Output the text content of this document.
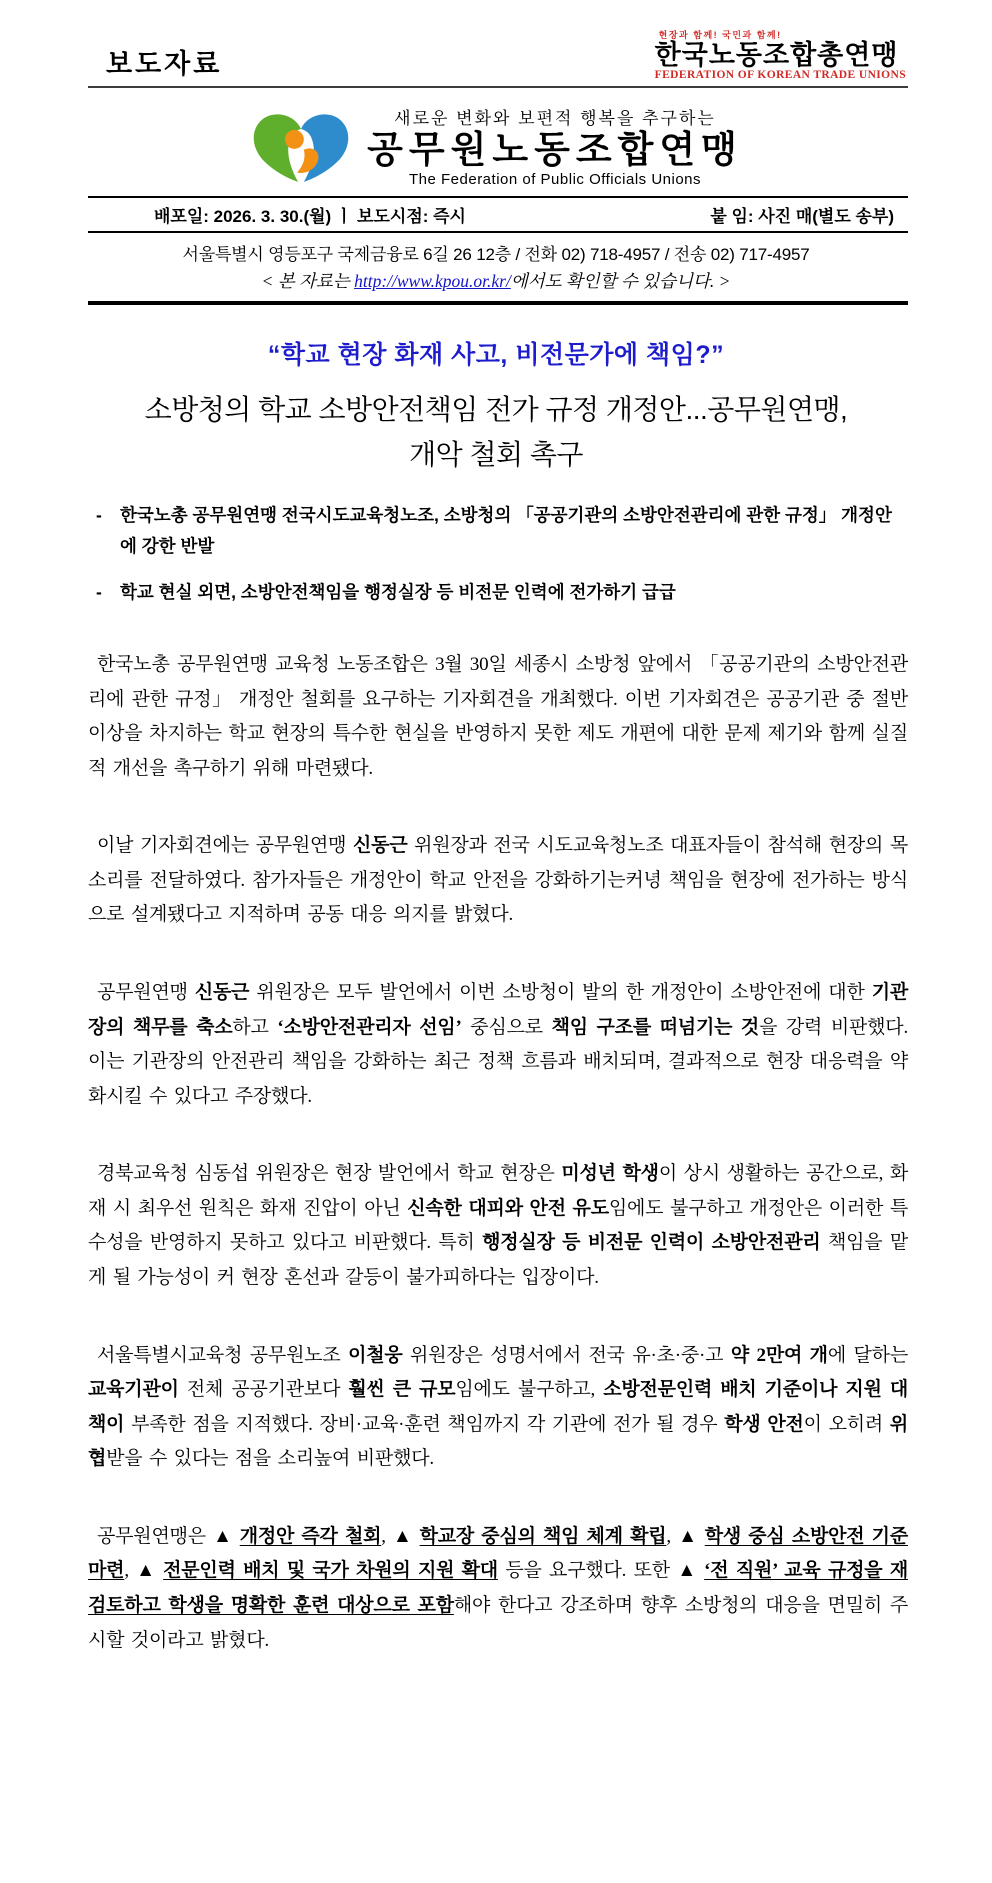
보도자료
현장과 함께! 국민과 함께!
한국노동조합총연맹
FEDERATION OF KOREAN TRADE UNIONS
새로운 변화와 보편적 행복을 추구하는
공무원노동조합연맹
The Federation of Public Officials Unions
배포일: 2026. 3. 30.(월) ㅣ 보도시점: 즉시	붙 임: 사진 매(별도 송부)
서울특별시 영등포구 국제금융로 6길 26 12층 / 전화 02) 718-4957 / 전송 02) 717-4957
< 본 자료는 http://www.kpou.or.kr/에서도 확인할 수 있습니다. >
“학교 현장 화재 사고, 비전문가에 책임?”
소방청의 학교 소방안전책임 전가 규정 개정안...공무원연맹,
개악 철회 촉구
-	한국노총 공무원연맹 전국시도교육청노조, 소방청의 「공공기관의 소방안전관리에 관한 규정」 개정안에 강한 반발
-	학교 현실 외면, 소방안전책임을 행정실장 등 비전문 인력에 전가하기 급급

한국노총 공무원연맹 교육청 노동조합은 3월 30일 세종시 소방청 앞에서 「공공기관의 소방안전관리에 관한 규정」 개정안 철회를 요구하는 기자회견을 개최했다. 이번 기자회견은 공공기관 중 절반 이상을 차지하는 학교 현장의 특수한 현실을 반영하지 못한 제도 개편에 대한 문제 제기와 함께 실질적 개선을 촉구하기 위해 마련됐다.

이날 기자회견에는 공무원연맹 신동근 위원장과 전국 시도교육청노조 대표자들이 참석해 현장의 목소리를 전달하였다. 참가자들은 개정안이 학교 안전을 강화하기는커녕 책임을 현장에 전가하는 방식으로 설계됐다고 지적하며 공동 대응 의지를 밝혔다.

공무원연맹 신동근 위원장은 모두 발언에서 이번 소방청이 발의 한 개정안이 소방안전에 대한 기관장의 책무를 축소하고 ‘소방안전관리자 선임’ 중심으로 책임 구조를 떠넘기는 것을 강력 비판했다. 이는 기관장의 안전관리 책임을 강화하는 최근 정책 흐름과 배치되며, 결과적으로 현장 대응력을 약화시킬 수 있다고 주장했다.

경북교육청 심동섭 위원장은 현장 발언에서 학교 현장은 미성년 학생이 상시 생활하는 공간으로, 화재 시 최우선 원칙은 화재 진압이 아닌 신속한 대피와 안전 유도임에도 불구하고 개정안은 이러한 특수성을 반영하지 못하고 있다고 비판했다. 특히 행정실장 등 비전문 인력이 소방안전관리 책임을 맡게 될 가능성이 커 현장 혼선과 갈등이 불가피하다는 입장이다.

서울특별시교육청 공무원노조 이철웅 위원장은 성명서에서 전국 유·초·중·고 약 2만여 개에 달하는 교육기관이 전체 공공기관보다 훨씬 큰 규모임에도 불구하고, 소방전문인력 배치 기준이나 지원 대책이 부족한 점을 지적했다. 장비·교육·훈련 책임까지 각 기관에 전가 될 경우 학생 안전이 오히려 위협받을 수 있다는 점을 소리높여 비판했다.

공무원연맹은 ▲ 개정안 즉각 철회, ▲ 학교장 중심의 책임 체계 확립, ▲ 학생 중심 소방안전 기준 마련, ▲ 전문인력 배치 및 국가 차원의 지원 확대 등을 요구했다. 또한 ▲ ‘전 직원’ 교육 규정을 재검토하고 학생을 명확한 훈련 대상으로 포함해야 한다고 강조하며 향후 소방청의 대응을 면밀히 주시할 것이라고 밝혔다.
